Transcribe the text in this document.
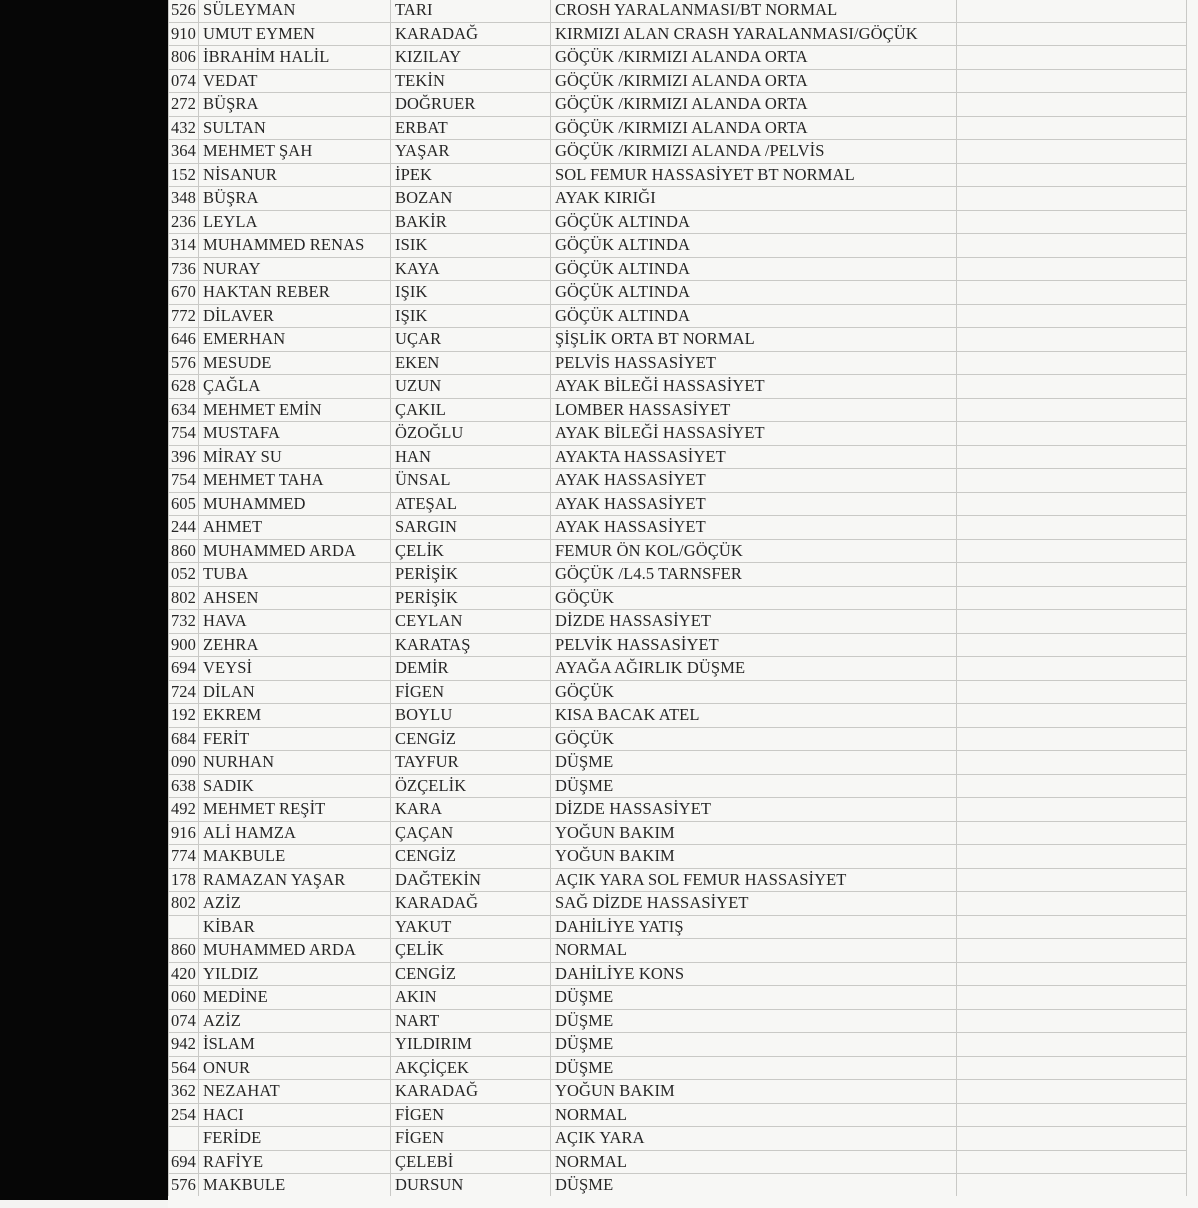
526	SÜLEYMAN	TARI	CROSH YARALANMASI/BT NORMAL	
910	UMUT EYMEN	KARADAĞ	KIRMIZI ALAN CRASH YARALANMASI/GÖÇÜK	
806	İBRAHİM HALİL	KIZILAY	GÖÇÜK /KIRMIZI ALANDA ORTA	
074	VEDAT	TEKİN	GÖÇÜK /KIRMIZI ALANDA ORTA	
272	BÜŞRA	DOĞRUER	GÖÇÜK /KIRMIZI ALANDA ORTA	
432	SULTAN	ERBAT	GÖÇÜK /KIRMIZI ALANDA ORTA	
364	MEHMET ŞAH	YAŞAR	GÖÇÜK /KIRMIZI ALANDA /PELVİS	
152	NİSANUR	İPEK	SOL FEMUR HASSASİYET BT NORMAL	
348	BÜŞRA	BOZAN	AYAK KIRIĞI	
236	LEYLA	BAKİR	GÖÇÜK ALTINDA	
314	MUHAMMED RENAS	ISIK	GÖÇÜK ALTINDA	
736	NURAY	KAYA	GÖÇÜK ALTINDA	
670	HAKTAN REBER	IŞIK	GÖÇÜK ALTINDA	
772	DİLAVER	IŞIK	GÖÇÜK ALTINDA	
646	EMERHAN	UÇAR	ŞİŞLİK ORTA BT NORMAL	
576	MESUDE	EKEN	PELVİS HASSASİYET	
628	ÇAĞLA	UZUN	AYAK BİLEĞİ HASSASİYET	
634	MEHMET EMİN	ÇAKIL	LOMBER HASSASİYET	
754	MUSTAFA	ÖZOĞLU	AYAK BİLEĞİ HASSASİYET	
396	MİRAY SU	HAN	AYAKTA HASSASİYET	
754	MEHMET TAHA	ÜNSAL	AYAK HASSASİYET	
605	MUHAMMED	ATEŞAL	AYAK HASSASİYET	
244	AHMET	SARGIN	AYAK HASSASİYET	
860	MUHAMMED ARDA	ÇELİK	FEMUR ÖN KOL/GÖÇÜK	
052	TUBA	PERİŞİK	GÖÇÜK /L4.5 TARNSFER	
802	AHSEN	PERİŞİK	GÖÇÜK	
732	HAVA	CEYLAN	DİZDE HASSASİYET	
900	ZEHRA	KARATAŞ	PELVİK HASSASİYET	
694	VEYSİ	DEMİR	AYAĞA AĞIRLIK DÜŞME	
724	DİLAN	FİGEN	GÖÇÜK	
192	EKREM	BOYLU	KISA BACAK ATEL	
684	FERİT	CENGİZ	GÖÇÜK	
090	NURHAN	TAYFUR	DÜŞME	
638	SADIK	ÖZÇELİK	DÜŞME	
492	MEHMET REŞİT	KARA	DİZDE HASSASİYET	
916	ALİ HAMZA	ÇAÇAN	YOĞUN BAKIM	
774	MAKBULE	CENGİZ	YOĞUN BAKIM	
178	RAMAZAN YAŞAR	DAĞTEKİN	AÇIK YARA SOL FEMUR HASSASİYET	
802	AZİZ	KARADAĞ	SAĞ DİZDE HASSASİYET	
	KİBAR	YAKUT	DAHİLİYE YATIŞ	
860	MUHAMMED ARDA	ÇELİK	NORMAL	
420	YILDIZ	CENGİZ	DAHİLİYE KONS	
060	MEDİNE	AKIN	DÜŞME	
074	AZİZ	NART	DÜŞME	
942	İSLAM	YILDIRIM	DÜŞME	
564	ONUR	AKÇİÇEK	DÜŞME	
362	NEZAHAT	KARADAĞ	YOĞUN BAKIM	
254	HACI	FİGEN	NORMAL	
	FERİDE	FİGEN	AÇIK YARA	
694	RAFİYE	ÇELEBİ	NORMAL	
576	MAKBULE	DURSUN	DÜŞME	
